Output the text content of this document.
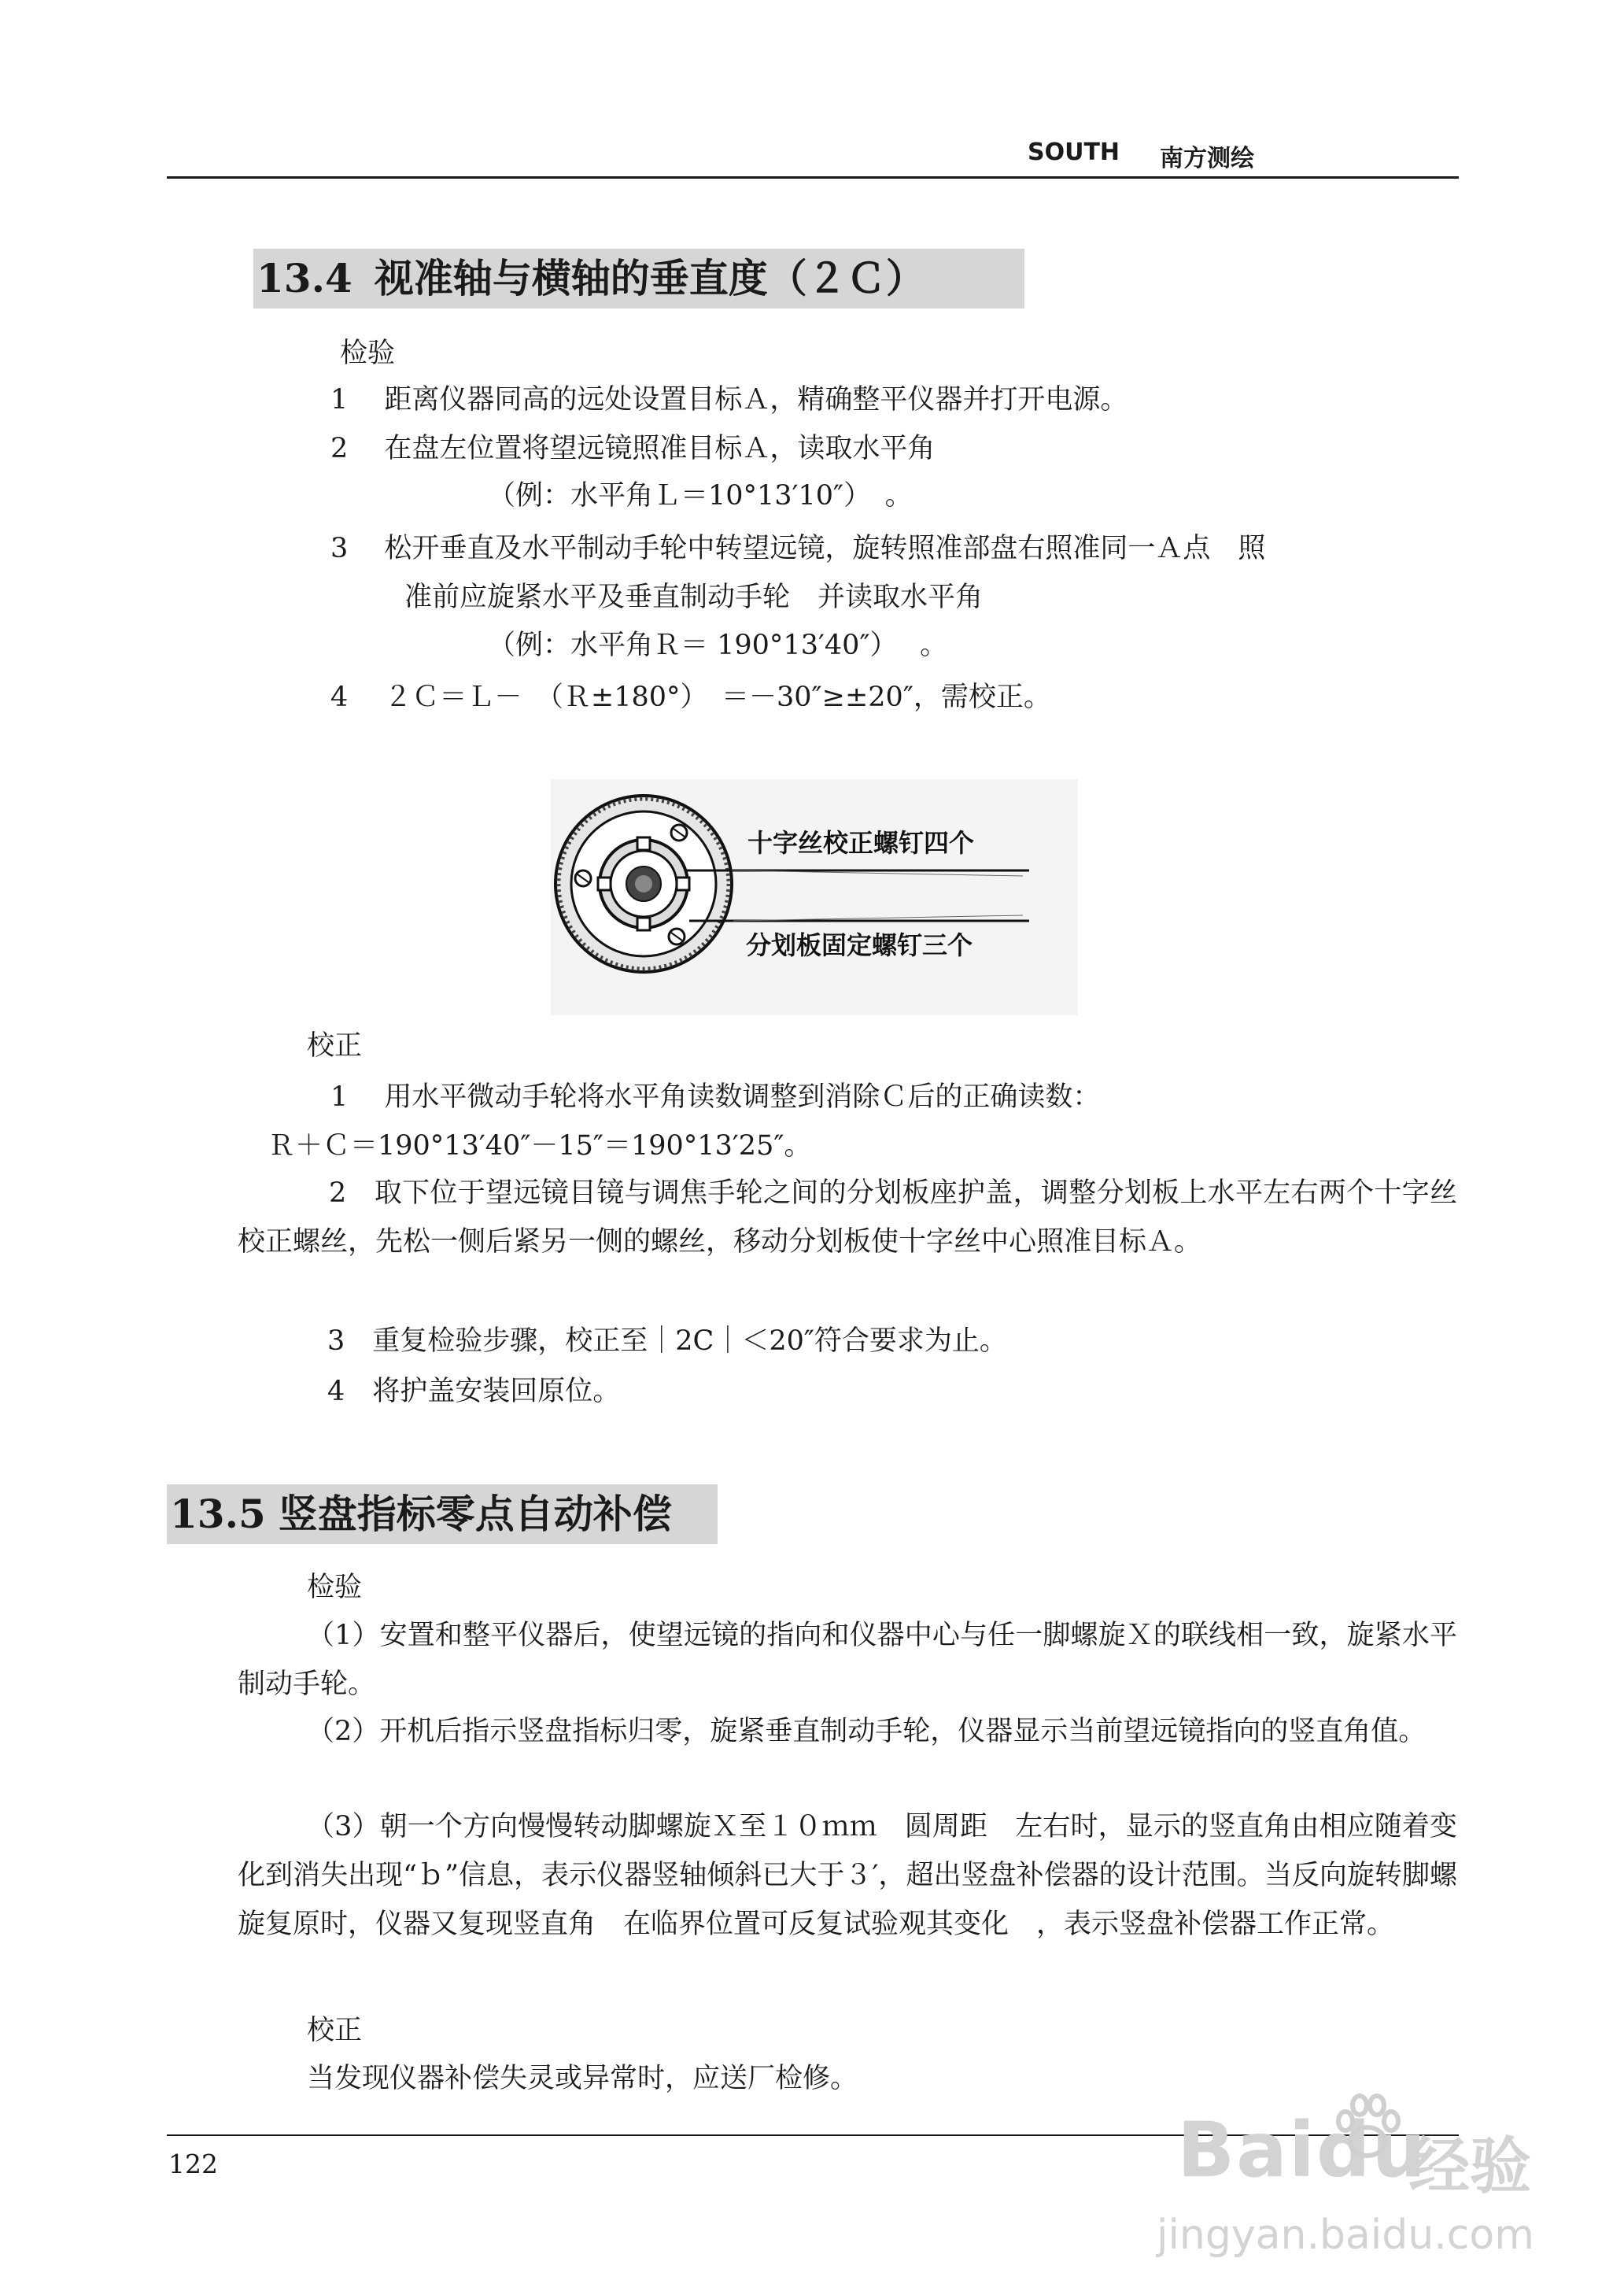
SOUTH 南方测绘
13.4 视准轴与横轴的垂直度（２Ｃ）
检验
1　 距离仪器同高的远处设置目标Ａ，精确整平仪器并打开电源。
2　 在盘左位置将望远镜照准目标Ａ，读取水平角
（例：水平角Ｌ＝10°13′10″）　。
3　 松开垂直及水平制动手轮中转望远镜，旋转照准部盘右照准同一Ａ点　照
准前应旋紧水平及垂直制动手轮　并读取水平角
（例：水平角Ｒ＝ 190°13′40″）　 。
4　 ２Ｃ＝Ｌ－　（Ｒ±180°）　＝－30″≥±20″，需校正。
十字丝校正螺钉四个
分划板固定螺钉三个
校正
1　 用水平微动手轮将水平角读数调整到消除Ｃ后的正确读数：
Ｒ＋Ｃ＝190°13′40″－15″＝190°13′25″。
2　取下位于望远镜目镜与调焦手轮之间的分划板座护盖，调整分划板上水平左右两个十字丝校正螺丝，先松一侧后紧另一侧的螺丝，移动分划板使十字丝中心照准目标Ａ。
3　重复检验步骤，校正至｜2C｜＜20″符合要求为止。
4　将护盖安装回原位。
13.5 竖盘指标零点自动补偿
检验
（1）安置和整平仪器后，使望远镜的指向和仪器中心与任一脚螺旋Ｘ的联线相一致，旋紧水平制动手轮。
（2）开机后指示竖盘指标归零，旋紧垂直制动手轮，仪器显示当前望远镜指向的竖直角值。
（3）朝一个方向慢慢转动脚螺旋Ｘ至１０ｍｍ　圆周距　左右时，显示的竖直角由相应随着变化到消失出现“ｂ”信息，表示仪器竖轴倾斜已大于３′，超出竖盘补偿器的设计范围。当反向旋转脚螺旋复原时，仪器又复现竖直角　在临界位置可反复试验观其变化　，表示竖盘补偿器工作正常。
校正
当发现仪器补偿失灵或异常时，应送厂检修。
122	Baidu
经验
jingyan.baidu.com
